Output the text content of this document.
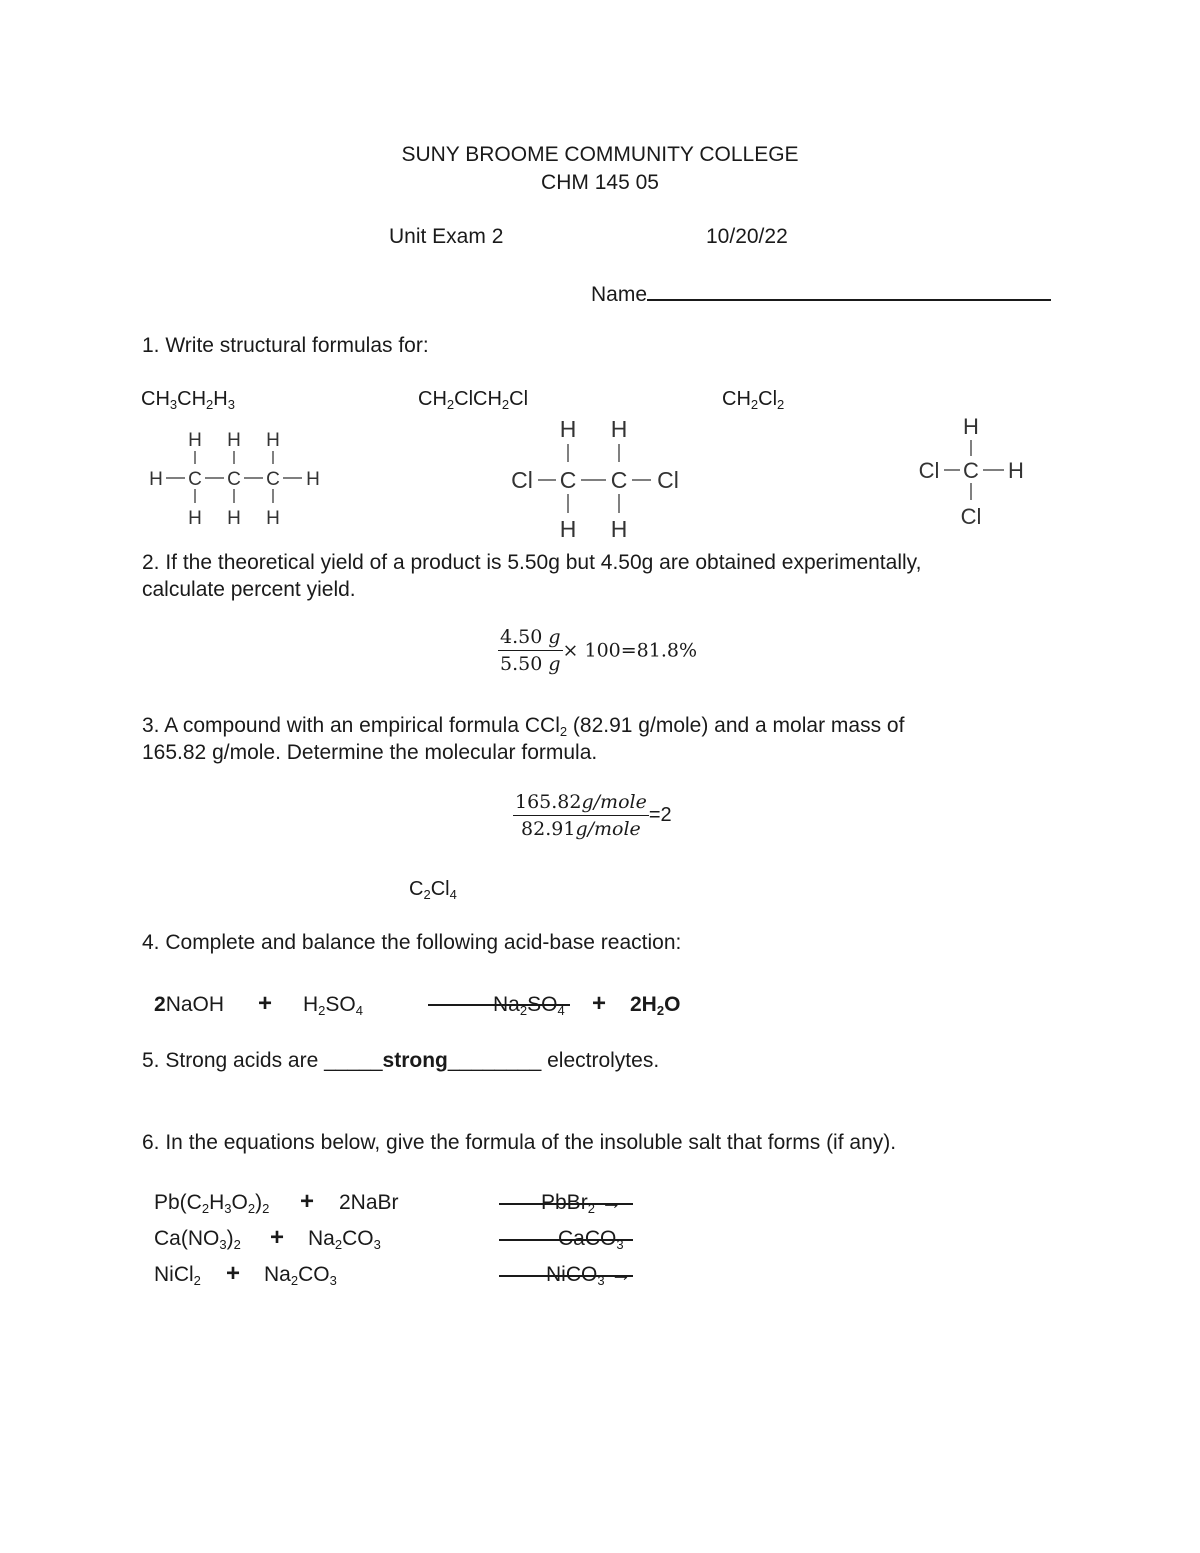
SUNY BROOME COMMUNITY COLLEGE
CHM 145 05
Unit Exam 2	10/20/22
Name
1. Write structural formulas for:
$CH_3CH_2H_3$	$CH_2ClCH_2Cl$	$CH_2Cl_2$
H H H
H C C C H
H H H
H H
Cl C C Cl
H H
H
Cl C H
Cl
2. If the theoretical yield of a product is 5.50g but 4.50g are obtained experimentally,
calculate percent yield.
$\frac{4.50 g}{5.50 g} \times 100=81.8\%$
3. A compound with an empirical formula CCl$_2$ (82.91 g/mole) and a molar mass of
165.82 g/mole. Determine the molecular formula.
$\frac{\text{165.82g/mole}}{\text{82.91g/mole}} =2$
$C_2Cl_4$
4. Complete and balance the following acid-base reaction:
2NaOH + $H_2SO_4$	$Na_2SO_4 + 2H_2O$
5. Strong acids are _____strong________ electrolytes.
6. In the equations below, give the formula of the insoluble salt that forms (if any).
$Pb(C_2H_3O_2)_2$ + 2NaBr	PbBr$_2$ →
$Ca(NO_3)_2 + Na_2CO_3$	CaCO$_3$
NiCl$_2$ + $Na_2CO_3$	NiCO$_3$ →
